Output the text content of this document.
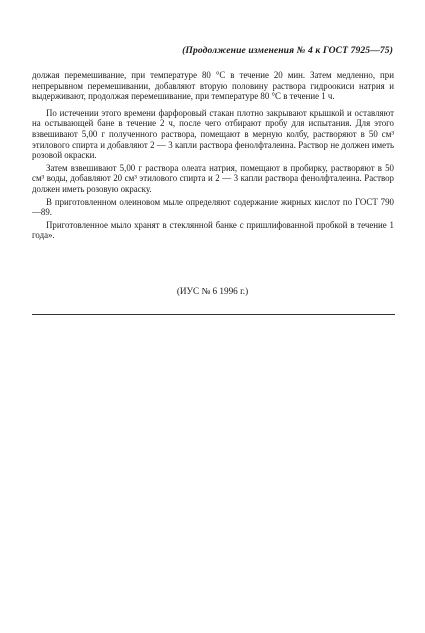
(Продолжение изменения № 4 к ГОСТ 7925—75)

должая перемешивание, при температуре 80 °С в течение 20 мин. Затем медленно, при непрерывном перемешивании, добавляют вторую половину раствора гидроокиси натрия и выдерживают, продолжая перемешивание, при температуре 80 °С в течение 1 ч.

По истечении этого времени фарфоровый стакан плотно закрывают крышкой и оставляют на остывающей бане в течение 2 ч, после чего отбирают пробу для испытания. Для этого взвешивают 5,00 г полученного раствора, помещают в мерную колбу, растворяют в 50 см³ этилового спирта и добавляют 2 — 3 капли раствора фенолфталеина. Раствор не должен иметь розовой окраски.

Затем взвешивают 5,00 г раствора олеата натрия, помещают в пробирку, растворяют в 50 см³ воды, добавляют 20 см³ этилового спирта и 2 — 3 капли раствора фенолфталеина. Раствор должен иметь розовую окраску.

В приготовленном олеиновом мыле определяют содержание жирных кислот по ГОСТ 790—89.

Приготовленное мыло хранят в стеклянной банке с пришлифованной пробкой в течение 1 года».

(ИУС № 6 1996 г.)
